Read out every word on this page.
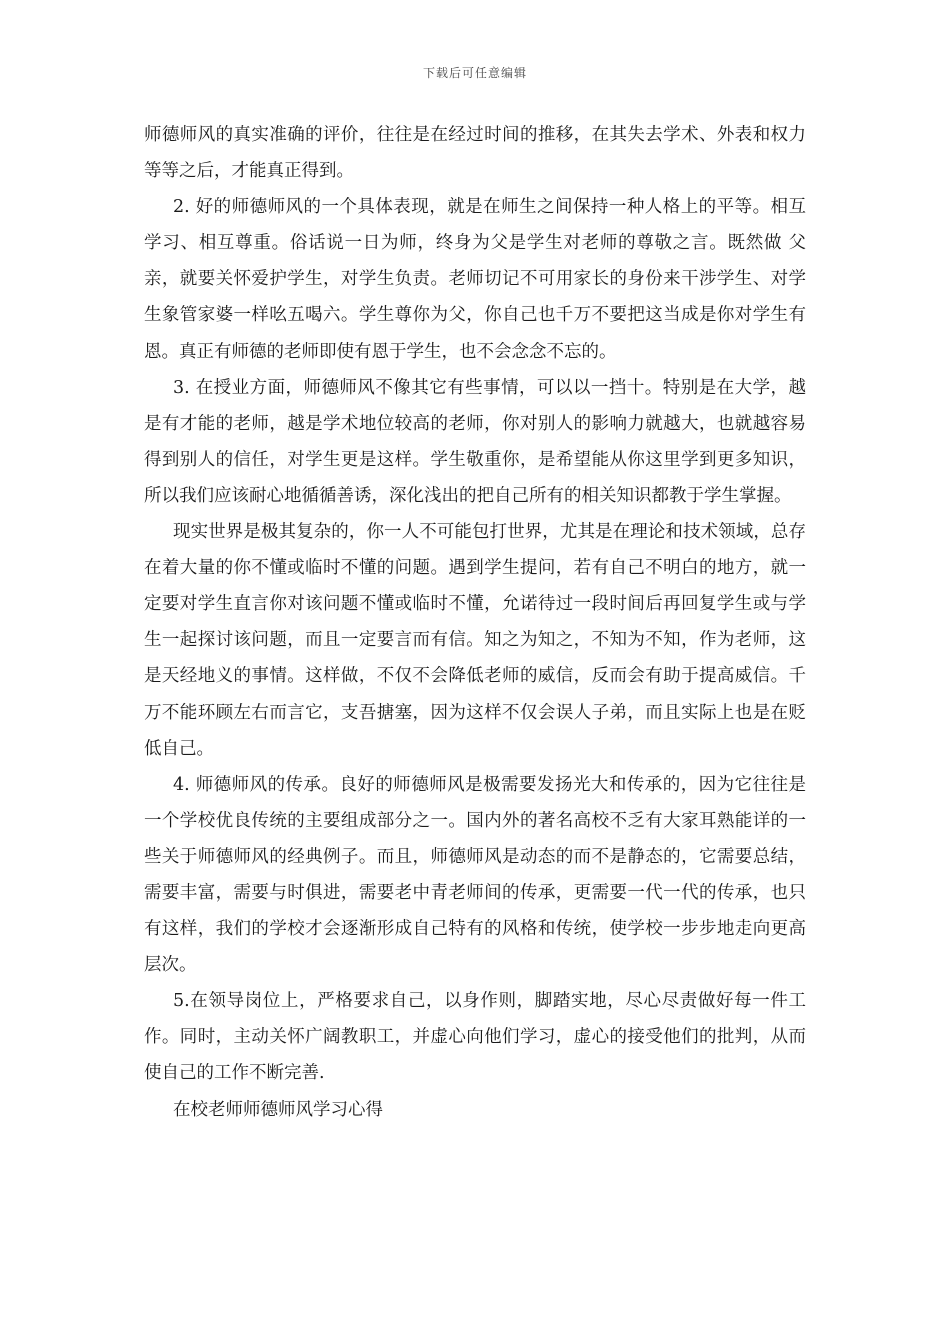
下载后可任意编辑

师德师风的真实准确的评价，往往是在经过时间的推移，在其失去学术、外表和权力等等之后，才能真正得到。

2. 好的师德师风的一个具体表现，就是在师生之间保持一种人格上的平等。相互学习、相互尊重。俗话说一日为师，终身为父是学生对老师的尊敬之言。既然做 父亲，就要关怀爱护学生，对学生负责。老师切记不可用家长的身份来干涉学生、对学生象管家婆一样吆五喝六。学生尊你为父，你自己也千万不要把这当成是你对学生有恩。真正有师德的老师即使有恩于学生，也不会念念不忘的。

3. 在授业方面，师德师风不像其它有些事情，可以以一挡十。特别是在大学，越是有才能的老师，越是学术地位较高的老师，你对别人的影响力就越大，也就越容易得到别人的信任，对学生更是这样。学生敬重你，是希望能从你这里学到更多知识，所以我们应该耐心地循循善诱，深化浅出的把自己所有的相关知识都教于学生掌握。

现实世界是极其复杂的，你一人不可能包打世界，尤其是在理论和技术领域，总存在着大量的你不懂或临时不懂的问题。遇到学生提问，若有自己不明白的地方，就一定要对学生直言你对该问题不懂或临时不懂，允诺待过一段时间后再回复学生或与学生一起探讨该问题，而且一定要言而有信。知之为知之，不知为不知，作为老师，这是天经地义的事情。这样做，不仅不会降低老师的威信，反而会有助于提高威信。千万不能环顾左右而言它，支吾搪塞，因为这样不仅会误人子弟，而且实际上也是在贬低自己。

4. 师德师风的传承。良好的师德师风是极需要发扬光大和传承的，因为它往往是一个学校优良传统的主要组成部分之一。国内外的著名高校不乏有大家耳熟能详的一些关于师德师风的经典例子。而且，师德师风是动态的而不是静态的，它需要总结，需要丰富，需要与时俱进，需要老中青老师间的传承，更需要一代一代的传承，也只有这样，我们的学校才会逐渐形成自己特有的风格和传统，使学校一步步地走向更高层次。

5.在领导岗位上，严格要求自己，以身作则，脚踏实地，尽心尽责做好每一件工作。同时，主动关怀广阔教职工，并虚心向他们学习，虚心的接受他们的批判，从而使自己的工作不断完善.

在校老师师德师风学习心得
